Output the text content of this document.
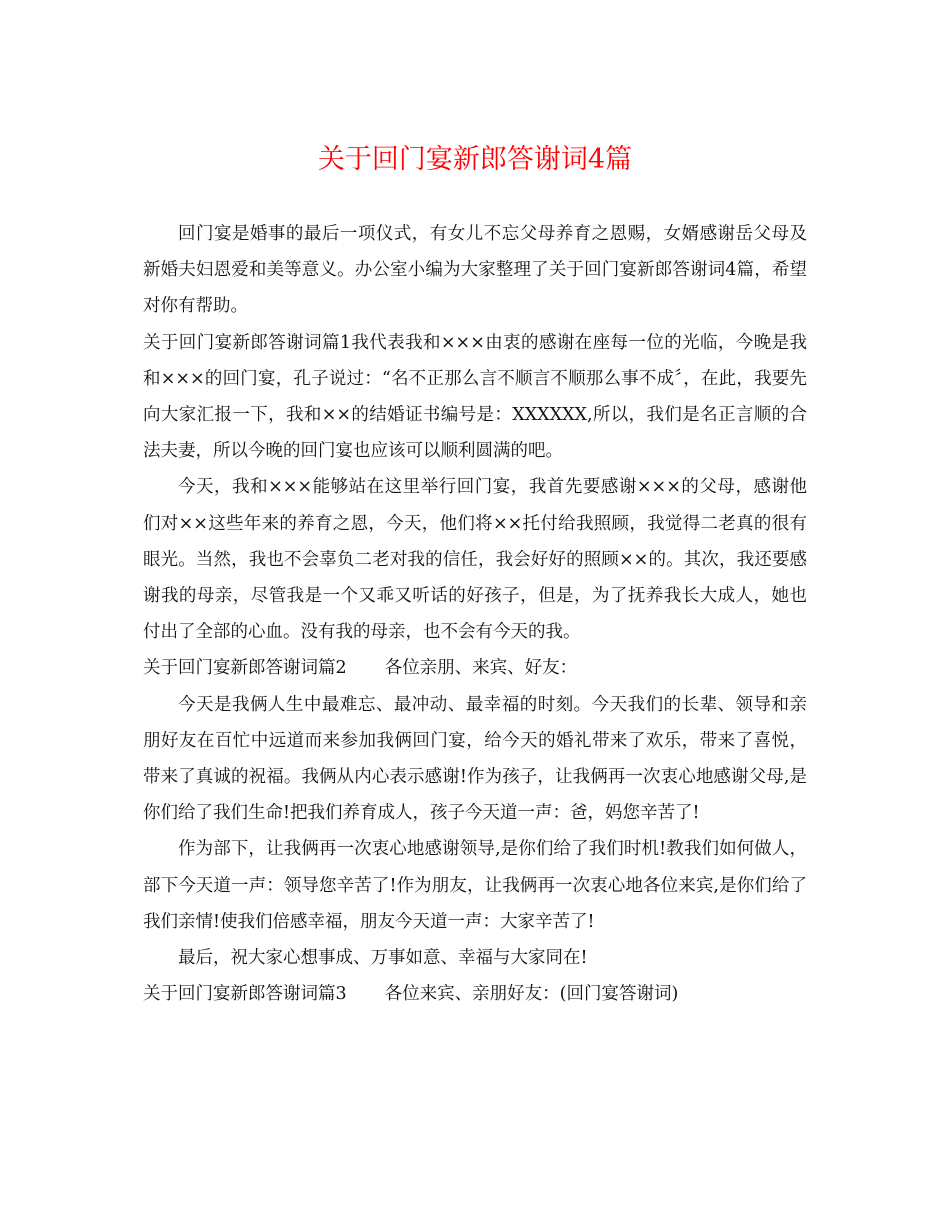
关于回门宴新郎答谢词4篇

回门宴是婚事的最后一项仪式，有女儿不忘父母养育之恩赐，女婿感谢岳父母及新婚夫妇恩爱和美等意义。办公室小编为大家整理了关于回门宴新郎答谢词4篇，希望对你有帮助。

关于回门宴新郎答谢词篇1我代表我和×××由衷的感谢在座每一位的光临，今晚是我和×××的回门宴，孔子说过：“名不正那么言不顺言不顺那么事不成〞，在此，我要先向大家汇报一下，我和××的结婚证书编号是：XXXXXX,所以，我们是名正言顺的合法夫妻，所以今晚的回门宴也应该可以顺利圆满的吧。

今天，我和×××能够站在这里举行回门宴，我首先要感谢×××的父母，感谢他们对××这些年来的养育之恩，今天，他们将××托付给我照顾，我觉得二老真的很有眼光。当然，我也不会辜负二老对我的信任，我会好好的照顾××的。其次，我还要感谢我的母亲，尽管我是一个又乖又听话的好孩子，但是，为了抚养我长大成人，她也付出了全部的心血。没有我的母亲，也不会有今天的我。

关于回门宴新郎答谢词篇2 各位亲朋、来宾、好友：

今天是我俩人生中最难忘、最冲动、最幸福的时刻。今天我们的长辈、领导和亲朋好友在百忙中远道而来参加我俩回门宴，给今天的婚礼带来了欢乐，带来了喜悦，带来了真诚的祝福。我俩从内心表示感谢!作为孩子，让我俩再一次衷心地感谢父母,是你们给了我们生命!把我们养育成人，孩子今天道一声：爸，妈您辛苦了!

作为部下，让我俩再一次衷心地感谢领导,是你们给了我们时机!教我们如何做人，部下今天道一声：领导您辛苦了!作为朋友，让我俩再一次衷心地各位来宾,是你们给了我们亲情!使我们倍感幸福，朋友今天道一声：大家辛苦了!

最后，祝大家心想事成、万事如意、幸福与大家同在!

关于回门宴新郎答谢词篇3 各位来宾、亲朋好友：(回门宴答谢词)
